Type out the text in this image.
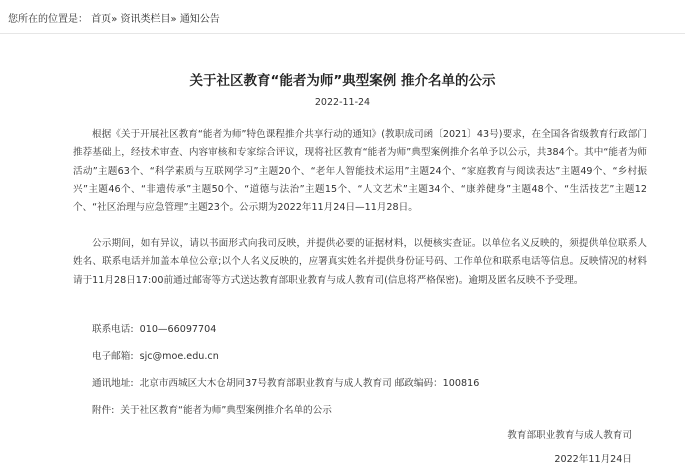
您所在的位置是： 首页» 资讯类栏目» 通知公告
关于社区教育“能者为师”典型案例 推介名单的公示
2022-11-24

根据《关于开展社区教育“能者为师”特色课程推介共享行动的通知》(教职成司函〔2021〕43号)要求，在全国各省级教育行政部门推荐基础上，经技术审查、内容审核和专家综合评议，现将社区教育“能者为师”典型案例推介名单予以公示，共384个。其中“能者为师活动”主题63个、“科学素质与互联网学习”主题20个、“老年人智能技术运用”主题24个、“家庭教育与阅读表达”主题49个、“乡村振兴”主题46个、“非遗传承”主题50个、“道德与法治”主题15个、“人文艺术”主题34个、“康养健身”主题48个、“生活技艺”主题12个、“社区治理与应急管理”主题23个。公示期为2022年11月24日—11月28日。

公示期间，如有异议，请以书面形式向我司反映，并提供必要的证据材料，以便核实查证。以单位名义反映的，须提供单位联系人姓名、联系电话并加盖本单位公章;以个人名义反映的，应署真实姓名并提供身份证号码、工作单位和联系电话等信息。反映情况的材料请于11月28日17:00前通过邮寄等方式送达教育部职业教育与成人教育司(信息将严格保密)。逾期及匿名反映不予受理。

联系电话: 010—66097704
电子邮箱: sjc@moe.edu.cn
通讯地址: 北京市西城区大木仓胡同37号教育部职业教育与成人教育司 邮政编码：100816
附件: 关于社区教育“能者为师”典型案例推介名单的公示
教育部职业教育与成人教育司
2022年11月24日
